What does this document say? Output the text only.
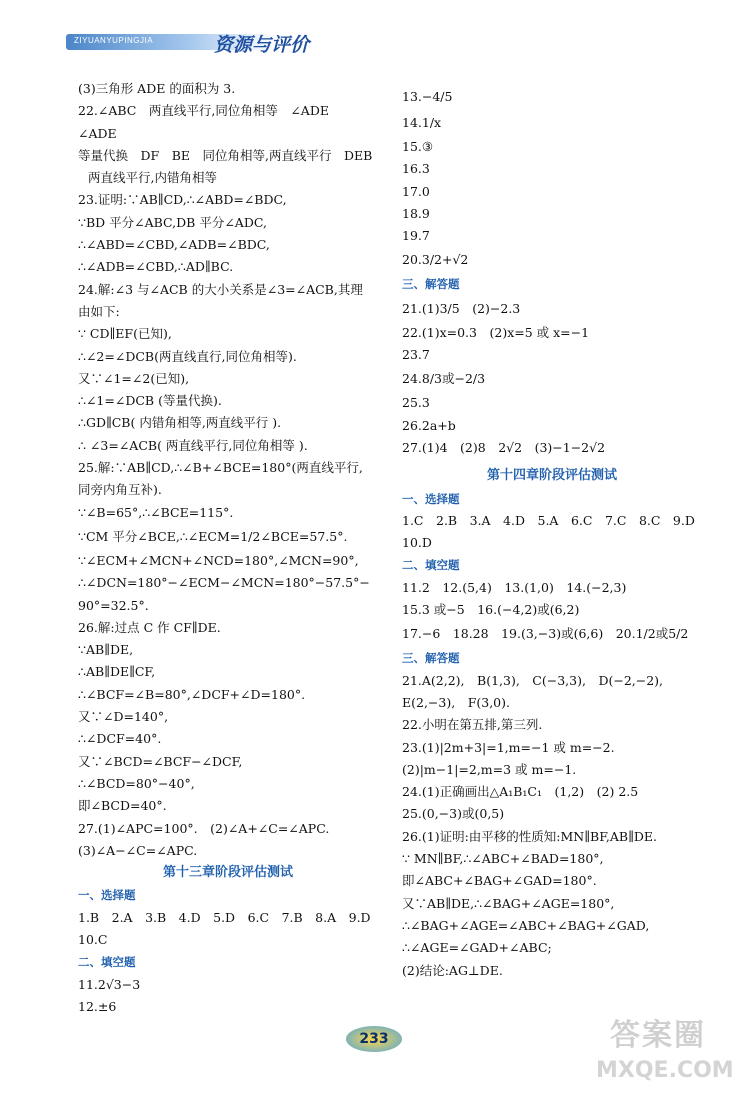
ZIYUANYUPINGJIA	资源与评价
(3)三角形 ADE 的面积为 3.
22.∠ABC　两直线平行,同位角相等　∠ADE
∠ADE
等量代换　DF　BE　同位角相等,两直线平行　DEB
两直线平行,内错角相等
23.证明:∵AB∥CD,∴∠ABD=∠BDC,
∵BD 平分∠ABC,DB 平分∠ADC,
∴∠ABD=∠CBD,∠ADB=∠BDC,
∴∠ADB=∠CBD,∴AD∥BC.
24.解:∠3 与∠ACB 的大小关系是∠3=∠ACB,其理
由如下:
∵ CD∥EF(已知),
∴∠2=∠DCB(两直线直行,同位角相等).
又∵∠1=∠2(已知),
∴∠1=∠DCB (等量代换).
∴GD∥CB( 内错角相等,两直线平行 ).
∴ ∠3=∠ACB( 两直线平行,同位角相等 ).
25.解:∵AB∥CD,∴∠B+∠BCE=180°(两直线平行,
同旁内角互补).
∵∠B=65°,∴∠BCE=115°.
∵CM 平分∠BCE,∴∠ECM=1/2∠BCE=57.5°.
∵∠ECM+∠MCN+∠NCD=180°,∠MCN=90°,
∴∠DCN=180°−∠ECM−∠MCN=180°−57.5°−
90°=32.5°.
26.解:过点 C 作 CF∥DE.
∵AB∥DE,
∴AB∥DE∥CF,
∴∠BCF=∠B=80°,∠DCF+∠D=180°.
又∵∠D=140°,
∴∠DCF=40°.
又∵∠BCD=∠BCF−∠DCF,
∴∠BCD=80°−40°,
即∠BCD=40°.
27.(1)∠APC=100°.　(2)∠A+∠C=∠APC.
(3)∠A−∠C=∠APC.
第十三章阶段评估测试
一、选择题
1.B　2.A　3.B　4.D　5.D　6.C　7.B　8.A　9.D
10.C
二、填空题
11.2√3−3
12.±6
13.−4/5
14.1/x
15.③
16.3
17.0
18.9
19.7
20.3/2+√2
三、解答题
21.(1)3/5　(2)−2.3
22.(1)x=0.3　(2)x=5 或 x=−1
23.7
24.8/3或−2/3
25.3
26.2a+b
27.(1)4　(2)8　2√2　(3)−1−2√2
第十四章阶段评估测试
一、选择题
1.C　2.B　3.A　4.D　5.A　6.C　7.C　8.C　9.D
10.D
二、填空题
11.2　12.(5,4)　13.(1,0)　14.(−2,3)
15.3 或−5　16.(−4,2)或(6,2)
17.−6　18.28　19.(3,−3)或(6,6)　20.1/2或5/2
三、解答题
21.A(2,2),　B(1,3),　C(−3,3),　D(−2,−2),
E(2,−3),　F(3,0).
22.小明在第五排,第三列.
23.(1)|2m+3|=1,m=−1 或 m=−2.
(2)|m−1|=2,m=3 或 m=−1.
24.(1)正确画出△A₁B₁C₁　(1,2)　(2) 2.5
25.(0,−3)或(0,5)
26.(1)证明:由平移的性质知:MN∥BF,AB∥DE.
∵ MN∥BF,∴∠ABC+∠BAD=180°,
即∠ABC+∠BAG+∠GAD=180°.
又∵AB∥DE,∴∠BAG+∠AGE=180°,
∴∠BAG+∠AGE=∠ABC+∠BAG+∠GAD,
∴∠AGE=∠GAD+∠ABC;
(2)结论:AG⊥DE.
233	答案圈
MXQE.COM
